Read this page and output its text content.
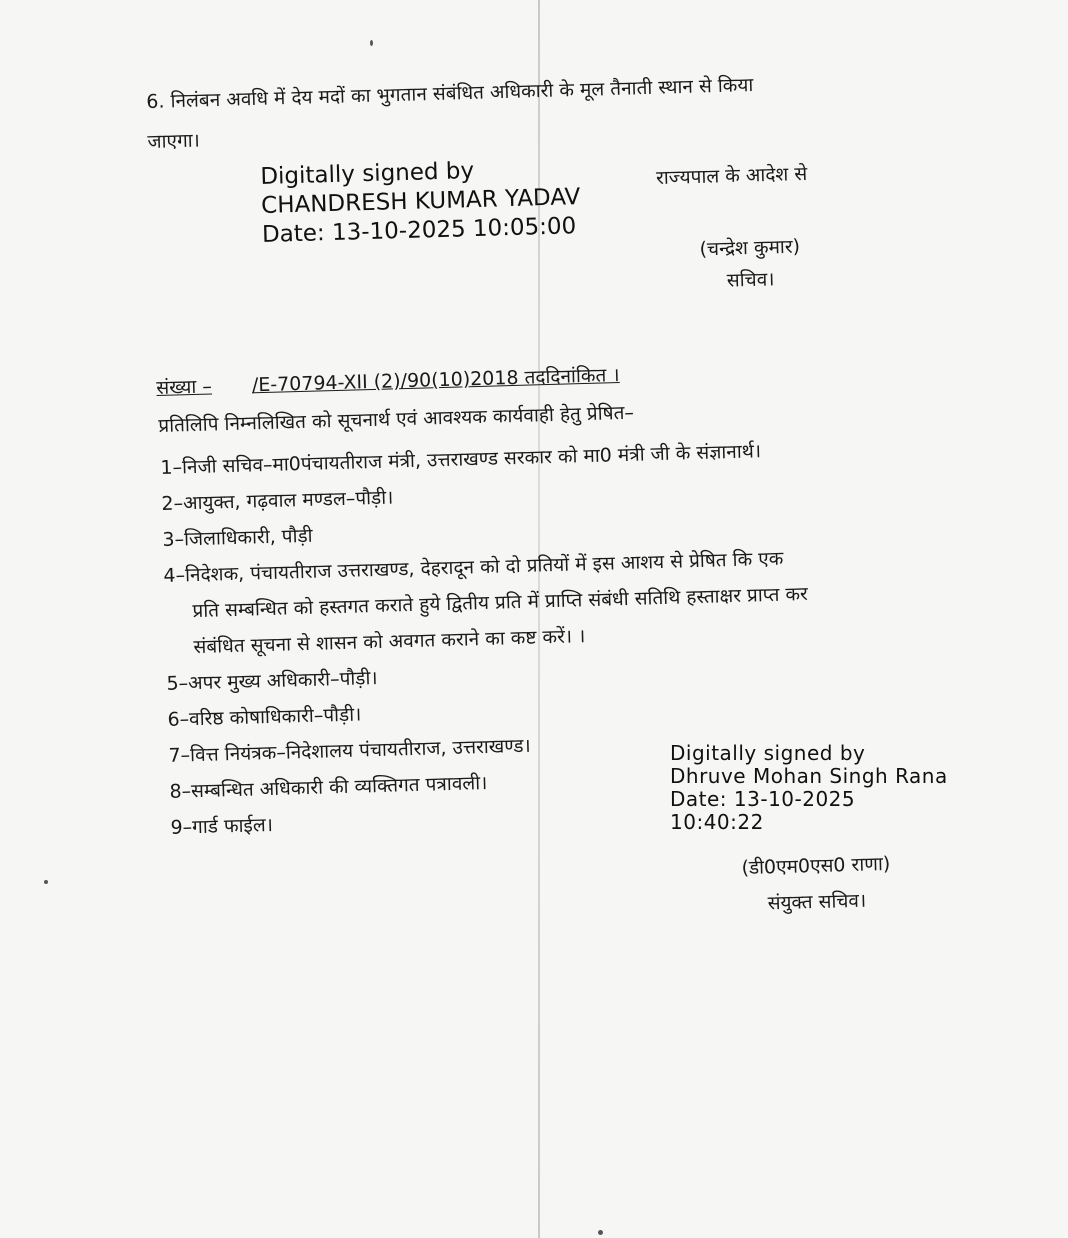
6. निलंबन अवधि में देय मदों का भुगतान संबंधित अधिकारी के मूल तैनाती स्थान से किया
जाएगा।
Digitally signed by
CHANDRESH KUMAR YADAV
Date: 13-10-2025 10:05:00
राज्यपाल के आदेश से
(चन्द्रेश कुमार)
सचिव।
संख्या – /E-70794-XII (2)/90(10)2018 तददिनांकित ।
प्रतिलिपि निम्नलिखित को सूचनार्थ एवं आवश्यक कार्यवाही हेतु प्रेषित–
1–निजी सचिव–मा0पंचायतीराज मंत्री, उत्तराखण्ड सरकार को मा0 मंत्री जी के संज्ञानार्थ।
2–आयुक्त, गढ़वाल मण्डल–पौड़ी।
3–जिलाधिकारी, पौड़ी
4–निदेशक, पंचायतीराज उत्तराखण्ड, देहरादून को दो प्रतियों में इस आशय से प्रेषित कि एक
प्रति सम्बन्धित को हस्तगत कराते हुये द्वितीय प्रति में प्राप्ति संबंधी सतिथि हस्ताक्षर प्राप्त कर
संबंधित सूचना से शासन को अवगत कराने का कष्ट करें। ।
5–अपर मुख्य अधिकारी–पौड़ी।
6–वरिष्ठ कोषाधिकारी–पौड़ी।
7–वित्त नियंत्रक–निदेशालय पंचायतीराज, उत्तराखण्ड।
8–सम्बन्धित अधिकारी की व्यक्तिगत पत्रावली।
9–गार्ड फाईल।
Digitally signed by
Dhruve Mohan Singh Rana
Date: 13-10-2025
10:40:22
(डी0एम0एस0 राणा)
संयुक्त सचिव।
